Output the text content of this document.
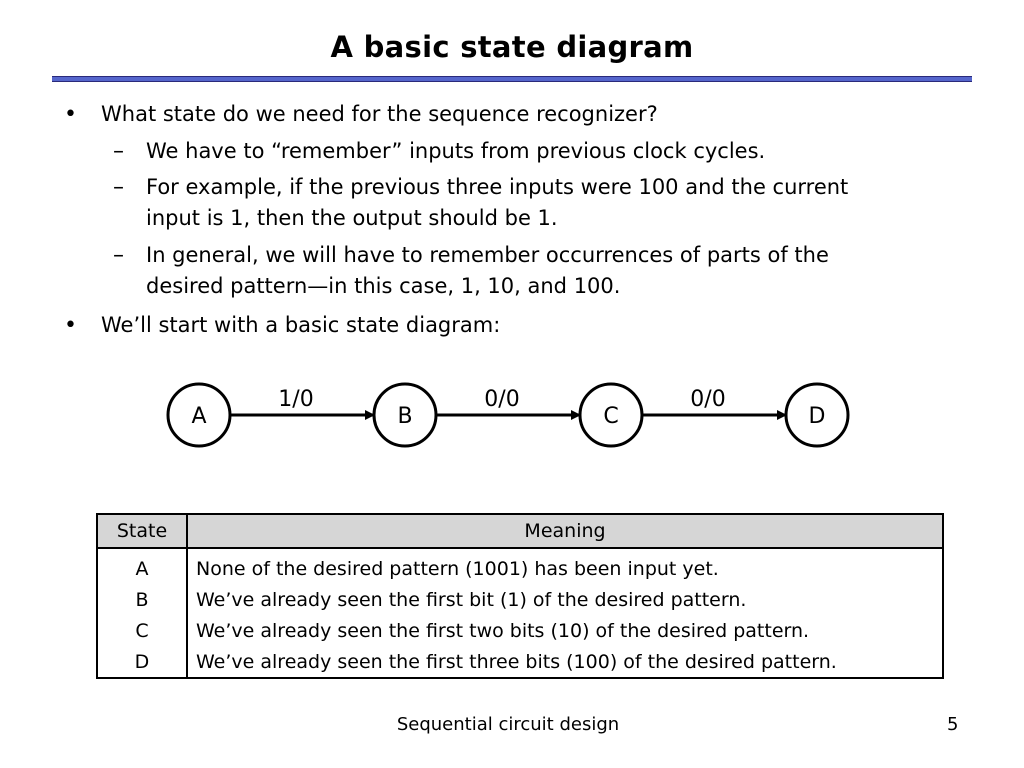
A basic state diagram
• What state do we need for the sequence recognizer?
– We have to “remember” inputs from previous clock cycles.
– For example, if the previous three inputs were 100 and the current
input is 1, then the output should be 1.
– In general, we will have to remember occurrences of parts of the
desired pattern—in this case, 1, 10, and 100.
• We’ll start with a basic state diagram:
1/0	0/0	0/0
A	B	C	D
State	Meaning
A	None of the desired pattern (1001) has been input yet.
B	We’ve already seen the first bit (1) of the desired pattern.
C	We’ve already seen the first two bits (10) of the desired pattern.
D	We’ve already seen the first three bits (100) of the desired pattern.
Sequential circuit design	5
